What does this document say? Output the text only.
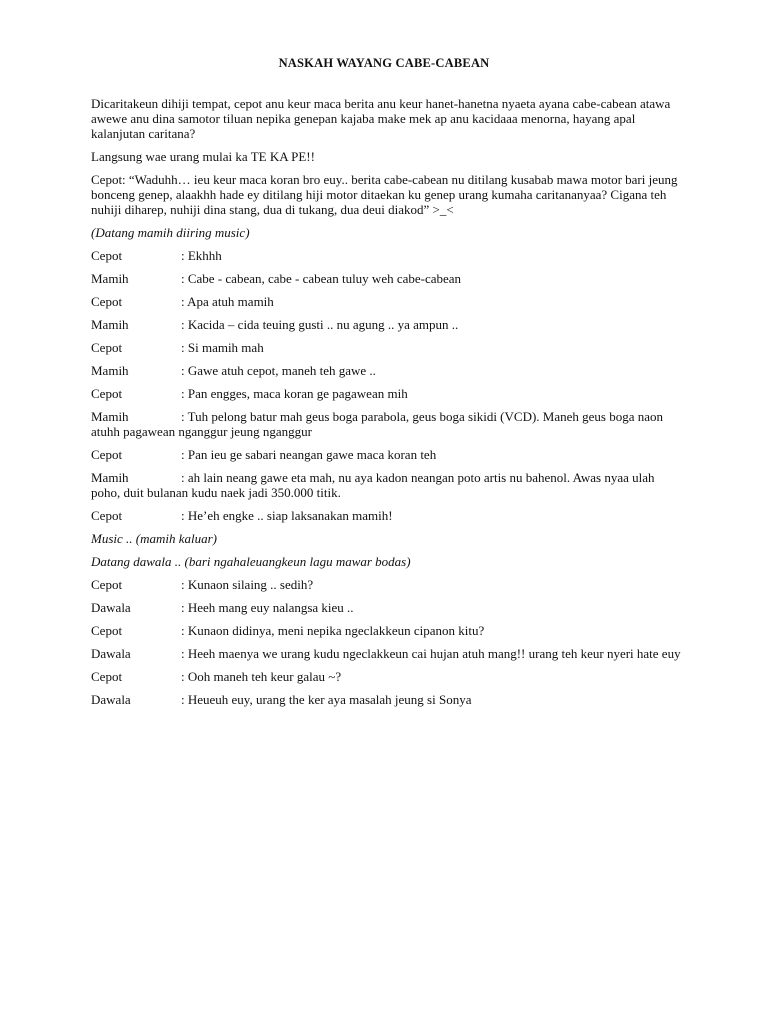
NASKAH WAYANG CABE-CABEAN

Dicaritakeun dihiji tempat, cepot anu keur maca berita anu keur hanet-hanetna nyaeta ayana cabe-cabean atawa awewe anu dina samotor tiluan nepika genepan kajaba make mek ap anu kacidaaa menorna, hayang apal kalanjutan caritana?

Langsung wae urang mulai ka TE KA PE!!

Cepot: “Waduhh… ieu keur maca koran bro euy.. berita cabe-cabean nu ditilang kusabab mawa motor bari jeung bonceng genep, alaakhh hade ey ditilang hiji motor ditaekan ku genep urang kumaha caritananyaa? Cigana teh nuhiji diharep, nuhiji dina stang, dua di tukang, dua deui diakod” >_<

(Datang mamih diiring music)

Cepot	: Ekhhh
Mamih	: Cabe - cabean, cabe - cabean tuluy weh cabe-cabean
Cepot	: Apa atuh mamih
Mamih	: Kacida – cida teuing gusti .. nu agung .. ya ampun ..
Cepot	: Si mamih mah
Mamih	: Gawe atuh cepot, maneh teh gawe ..
Cepot	: Pan engges, maca koran ge pagawean mih
Mamih	: Tuh pelong batur mah geus boga parabola, geus boga sikidi (VCD). Maneh geus boga naon atuhh pagawean nganggur jeung nganggur
Cepot	: Pan ieu ge sabari neangan gawe maca koran teh
Mamih	: ah lain neang gawe eta mah, nu aya kadon neangan poto artis nu bahenol. Awas nyaa ulah poho, duit bulanan kudu naek jadi 350.000 titik.
Cepot	: He’eh engke .. siap laksanakan mamih!

Music .. (mamih kaluar)

Datang dawala .. (bari ngahaleuangkeun lagu mawar bodas)

Cepot	: Kunaon silaing .. sedih?
Dawala	: Heeh mang euy nalangsa kieu ..
Cepot	: Kunaon didinya, meni nepika ngeclakkeun cipanon kitu?
Dawala	: Heeh maenya we urang kudu ngeclakkeun cai hujan atuh mang!! urang teh keur nyeri hate euy
Cepot	: Ooh maneh teh keur galau ~?
Dawala	: Heueuh euy, urang the ker aya masalah jeung si Sonya
